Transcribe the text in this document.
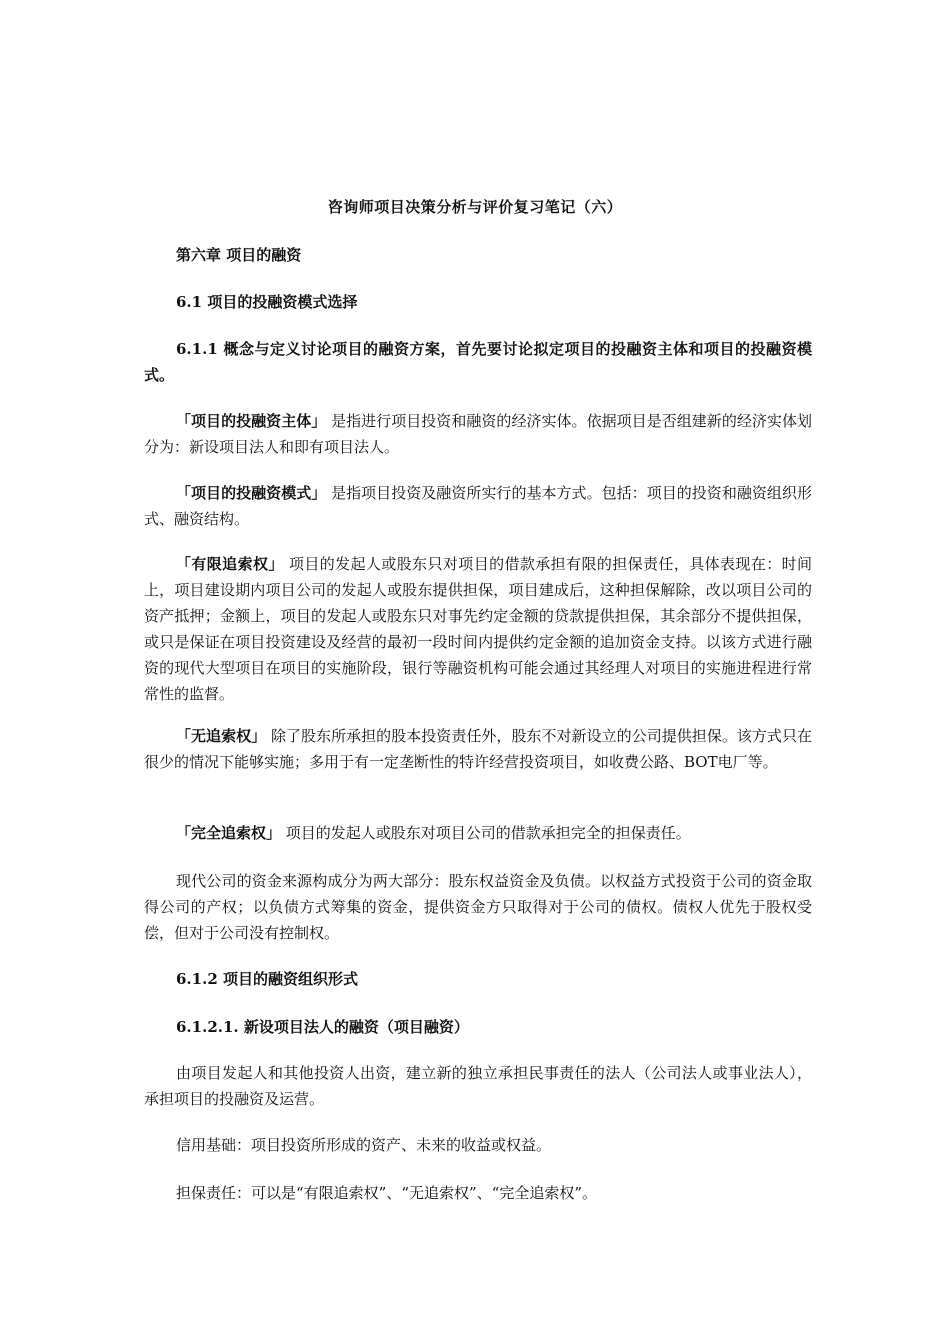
咨询师项目决策分析与评价复习笔记（六）
第六章 项目的融资
6.1 项目的投融资模式选择
6.1.1 概念与定义讨论项目的融资方案，首先要讨论拟定项目的投融资主体和项目的投融资模式。
「项目的投融资主体」 是指进行项目投资和融资的经济实体。依据项目是否组建新的经济实体划分为：新设项目法人和即有项目法人。
「项目的投融资模式」 是指项目投资及融资所实行的基本方式。包括：项目的投资和融资组织形式、融资结构。
「有限追索权」 项目的发起人或股东只对项目的借款承担有限的担保责任，具体表现在：时间上，项目建设期内项目公司的发起人或股东提供担保，项目建成后，这种担保解除，改以项目公司的资产抵押；金额上，项目的发起人或股东只对事先约定金额的贷款提供担保，其余部分不提供担保，或只是保证在项目投资建设及经营的最初一段时间内提供约定金额的追加资金支持。以该方式进行融资的现代大型项目在项目的实施阶段，银行等融资机构可能会通过其经理人对项目的实施进程进行常常性的监督。
「无追索权」 除了股东所承担的股本投资责任外，股东不对新设立的公司提供担保。该方式只在很少的情况下能够实施；多用于有一定垄断性的特许经营投资项目，如收费公路、BOT电厂等。
「完全追索权」 项目的发起人或股东对项目公司的借款承担完全的担保责任。
现代公司的资金来源构成分为两大部分：股东权益资金及负债。以权益方式投资于公司的资金取得公司的产权；以负债方式筹集的资金，提供资金方只取得对于公司的债权。债权人优先于股权受偿，但对于公司没有控制权。
6.1.2 项目的融资组织形式
6.1.2.1. 新设项目法人的融资（项目融资）
由项目发起人和其他投资人出资，建立新的独立承担民事责任的法人（公司法人或事业法人），承担项目的投融资及运营。
信用基础：项目投资所形成的资产、未来的收益或权益。
担保责任：可以是“有限追索权”、“无追索权”、“完全追索权”。
